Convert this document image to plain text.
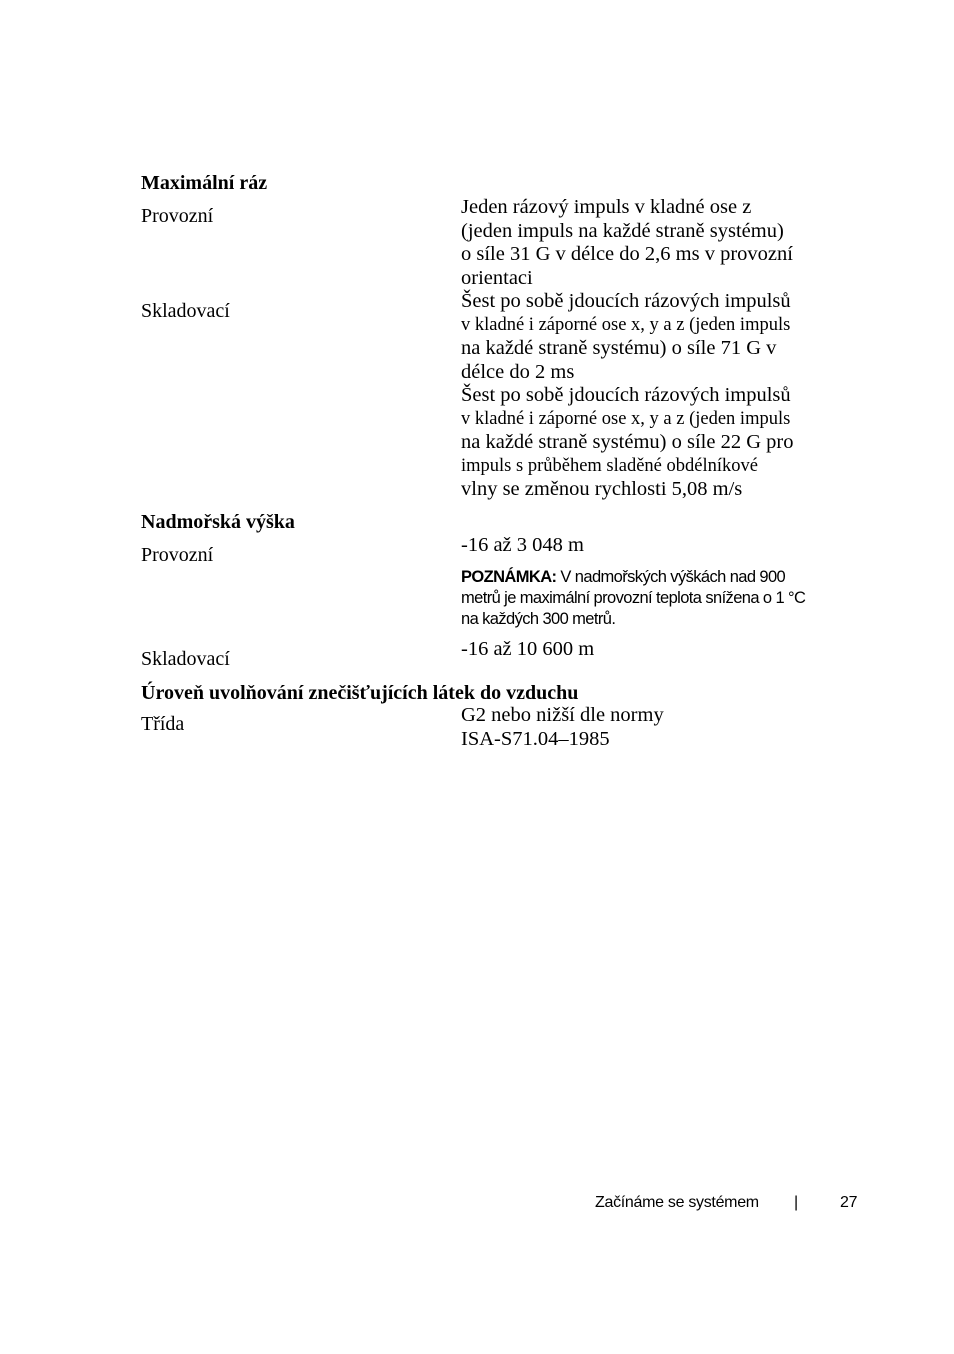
Maximální ráz
Provozní	Jeden rázový impuls v kladné ose z
(jeden impuls na každé straně systému)
o síle 31 G v délce do 2,6 ms v provozní
orientaci
Skladovací	Šest po sobě jdoucích rázových impulsů
v kladné i záporné ose x, y a z (jeden impuls
na každé straně systému) o síle 71 G v
délce do 2 ms
Šest po sobě jdoucích rázových impulsů
v kladné i záporné ose x, y a z (jeden impuls
na každé straně systému) o síle 22 G pro
impuls s průběhem sladěné obdélníkové
vlny se změnou rychlosti 5,08 m/s
Nadmořská výška
Provozní	-16 až 3 048 m
POZNÁMKA: V nadmořských výškách nad 900
metrů je maximální provozní teplota snížena o 1 °C
na každých 300 metrů.
Skladovací	-16 až 10 600 m
Úroveň uvolňování znečišťujících látek do vzduchu
Třída	G2 nebo nižší dle normy
ISA-S71.04–1985
Začínáme se systémem |	27
